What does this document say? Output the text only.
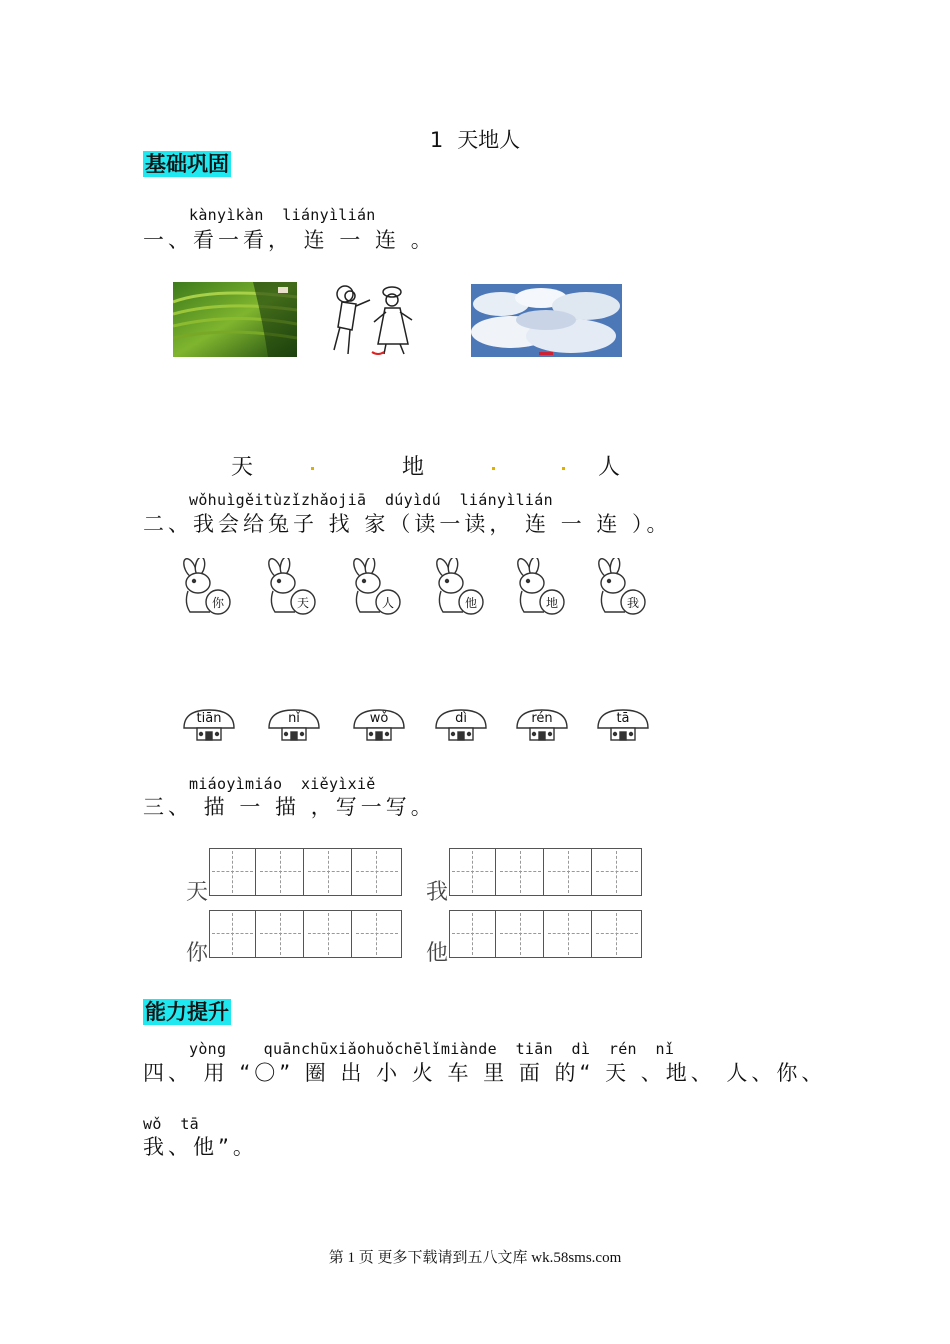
1 天地人
基础巩固
kànyìkàn  liányìlián
一、看一看， 连 一 连 。
天	地	人
wǒhuìgěitùzǐzhǎojiā  dúyìdú  liányìlián
二、我会给兔子 找 家（读一读， 连 一 连 ）。
你	天	人	他	地	我
tiān	nǐ	wǒ	dì	rén	tā
miáoyìmiáo  xiěyìxiě
三、 描 一 描 ，写一写。
天	我
你	他
能力提升
yòng    quānchūxiǎohuǒchēlǐmiànde  tiān  dì  rén  nǐ
四、 用 “〇” 圈 出 小 火 车 里 面 的“ 天 、地、 人、你、
wǒ  tā
我、他”。
第 1 页 更多下载请到五八文库 wk.58sms.com
